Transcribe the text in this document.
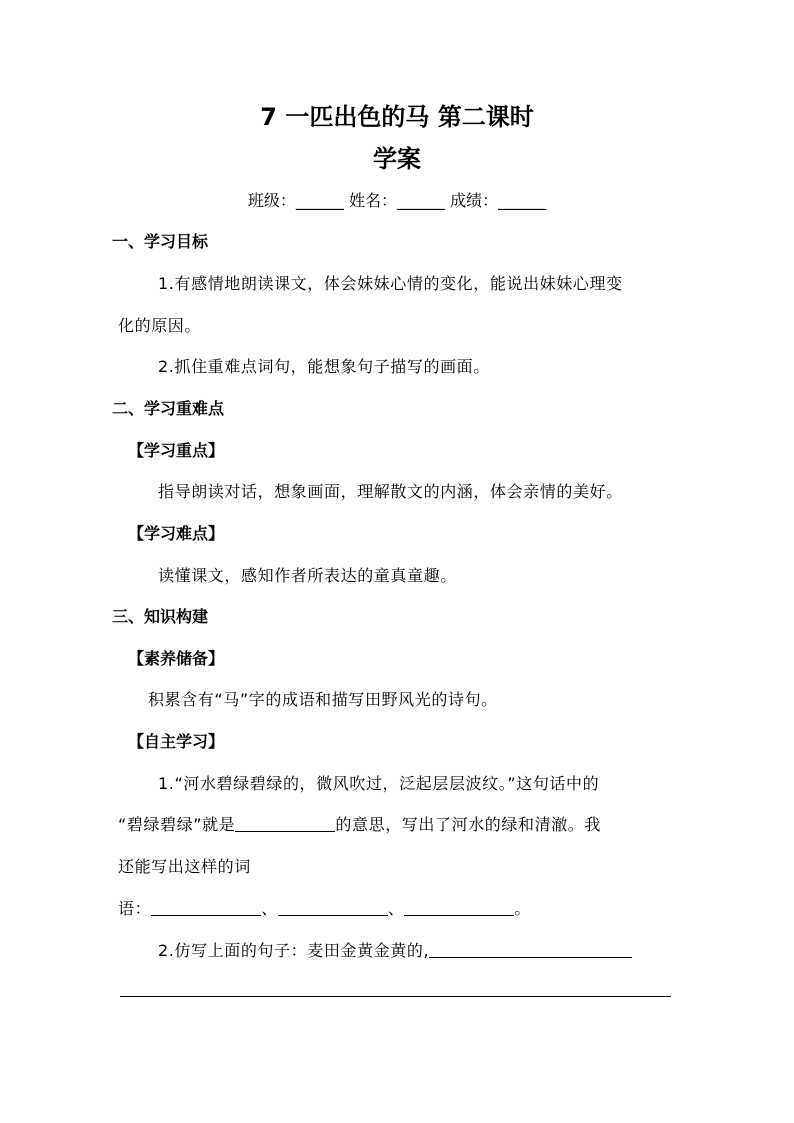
7 一匹出色的马 第二课时
学案
班级：______ 姓名：______ 成绩：______
一、学习目标
1.有感情地朗读课文，体会妹妹心情的变化，能说出妹妹心理变
化的原因。
2.抓住重难点词句，能想象句子描写的画面。
二、学习重难点
【学习重点】
指导朗读对话，想象画面，理解散文的内涵，体会亲情的美好。
【学习难点】
读懂课文，感知作者所表达的童真童趣。
三、知识构建
【素养储备】
积累含有“马”字的成语和描写田野风光的诗句。
【自主学习】
1.“河水碧绿碧绿的，微风吹过，泛起层层波纹。”这句话中的
“碧绿碧绿”就是	的意思，写出了河水的绿和清澈。我
还能写出这样的词
语：	、	、	。
2.仿写上面的句子：麦田金黄金黄的,
